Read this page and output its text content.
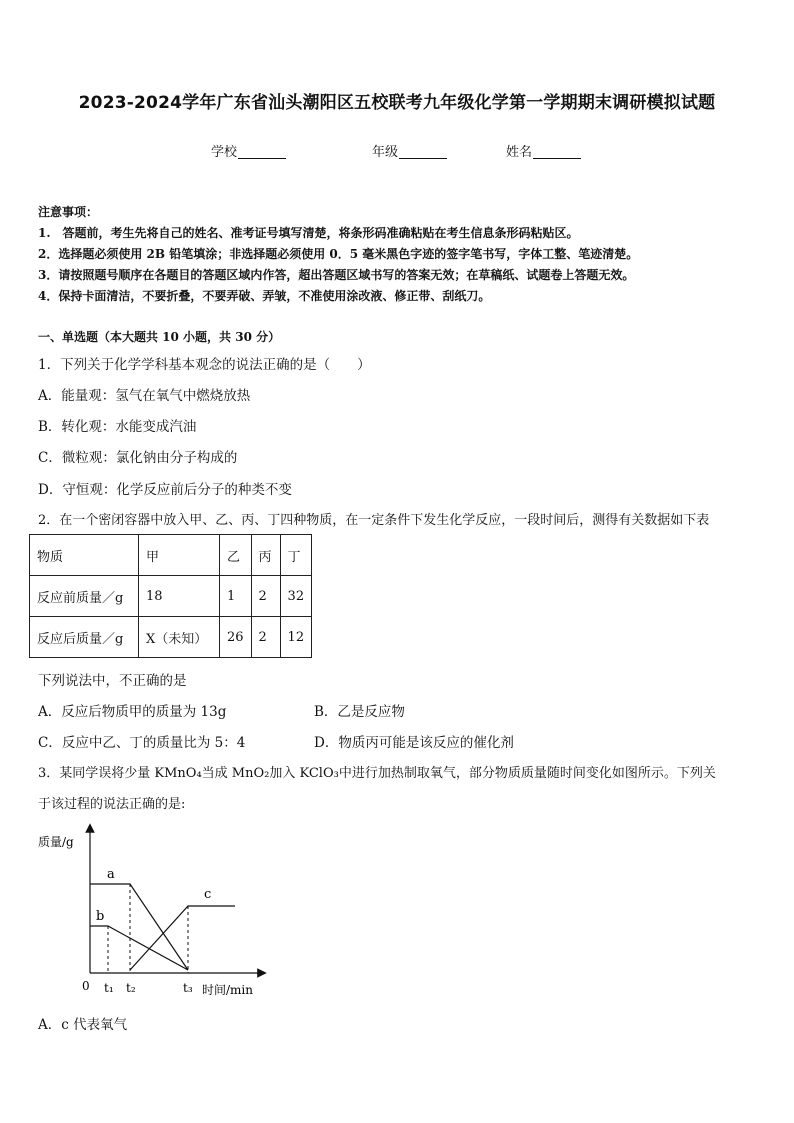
2023-2024学年广东省汕头潮阳区五校联考九年级化学第一学期期末调研模拟试题
学校	年级	姓名
注意事项：
1.　答题前，考生先将自己的姓名、准考证号填写清楚，将条形码准确粘贴在考生信息条形码粘贴区。
2．选择题必须使用 2B 铅笔填涂；非选择题必须使用 0．5 毫米黑色字迹的签字笔书写，字体工整、笔迹清楚。
3．请按照题号顺序在各题目的答题区域内作答，超出答题区域书写的答案无效；在草稿纸、试题卷上答题无效。
4．保持卡面清洁，不要折叠，不要弄破、弄皱，不准使用涂改液、修正带、刮纸刀。
一、单选题（本大题共 10 小题，共 30 分）
1．下列关于化学学科基本观念的说法正确的是（　　）
A．能量观：氢气在氧气中燃烧放热
B．转化观：水能变成汽油
C．微粒观：氯化钠由分子构成的
D．守恒观：化学反应前后分子的种类不变
2．在一个密闭容器中放入甲、乙、丙、丁四种物质，在一定条件下发生化学反应，一段时间后，测得有关数据如下表
物质	甲	乙	丙	丁
反应前质量／g	18	1	2	32
反应后质量／g	X（未知）	26	2	12
下列说法中，不正确的是
A．反应后物质甲的质量为 13g	B．乙是反应物
C．反应中乙、丁的质量比为 5：4	D．物质丙可能是该反应的催化剂
3．某同学误将少量 KMnO₄当成 MnO₂加入 KClO₃中进行加热制取氧气，部分物质质量随时间变化如图所示。下列关
于该过程的说法正确的是:
质量/g
a
b
c
0 t₁ t₂	t₃ 时间/min
A．c 代表氧气
